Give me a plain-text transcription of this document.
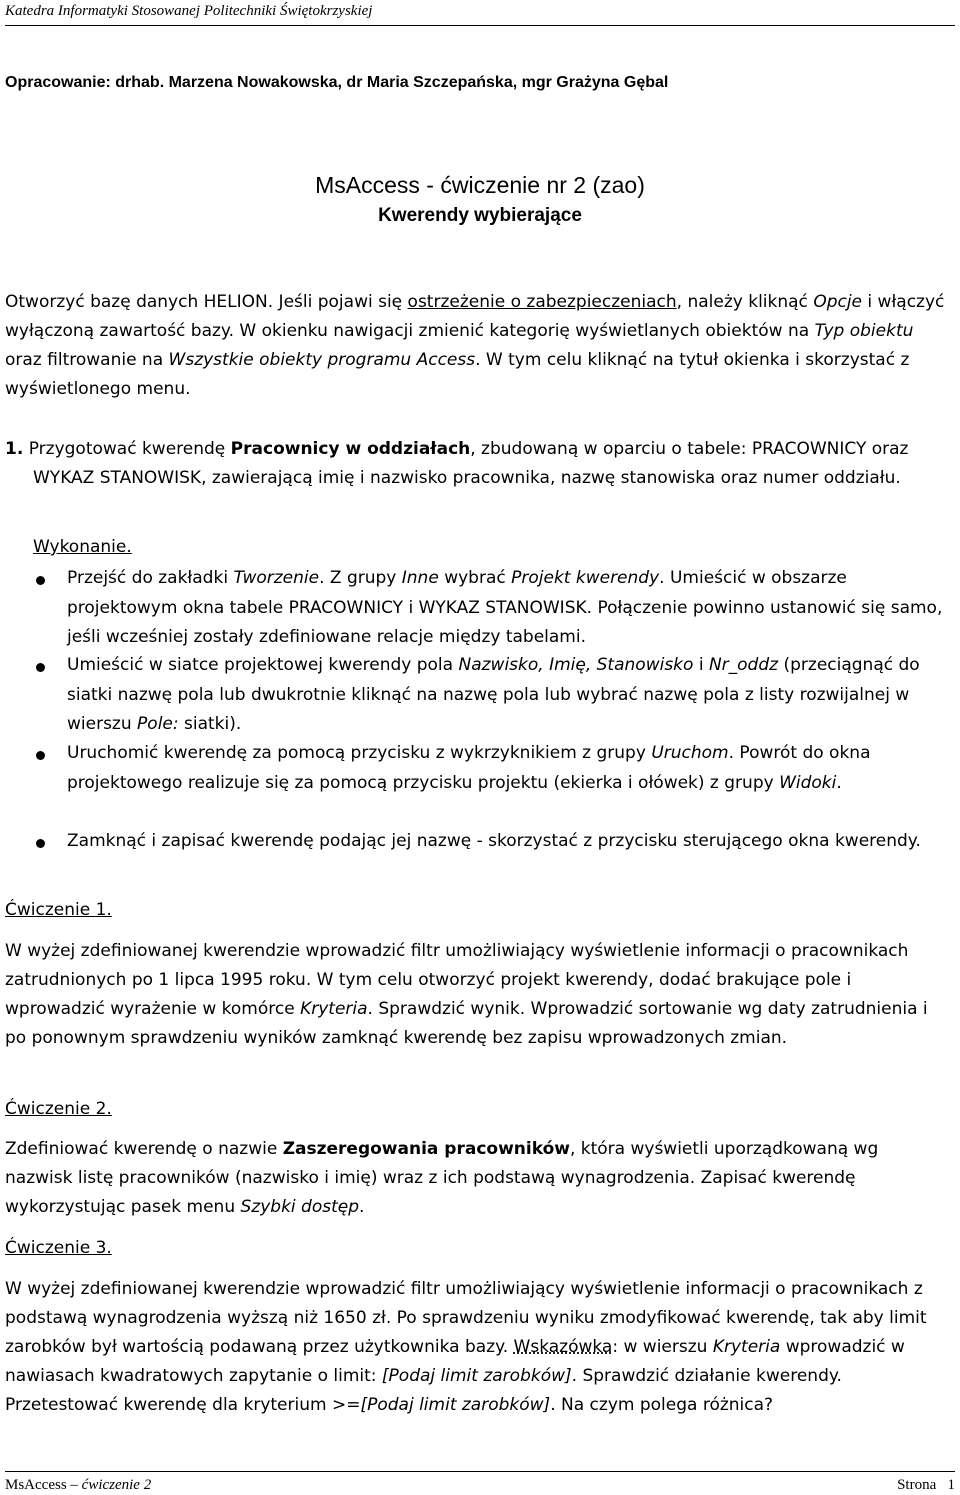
Katedra Informatyki Stosowanej Politechniki Świętokrzyskiej
Opracowanie: drhab. Marzena Nowakowska, dr Maria Szczepańska, mgr Grażyna Gębal
MsAccess - ćwiczenie nr 2 (zao)
Kwerendy wybierające
Otworzyć bazę danych HELION. Jeśli pojawi się ostrzeżenie o zabezpieczeniach, należy kliknąć Opcje i włączyć wyłączoną zawartość bazy. W okienku nawigacji zmienić kategorię wyświetlanych obiektów na Typ obiektu oraz filtrowanie na Wszystkie obiekty programu Access. W tym celu kliknąć na tytuł okienka i skorzystać z wyświetlonego menu.
1. Przygotować kwerendę Pracownicy w oddziałach, zbudowaną w oparciu o tabele: PRACOWNICY oraz WYKAZ STANOWISK, zawierającą imię i nazwisko pracownika, nazwę stanowiska oraz numer oddziału.
Wykonanie.
Przejść do zakładki Tworzenie. Z grupy Inne wybrać Projekt kwerendy. Umieścić w obszarze projektowym okna tabele PRACOWNICY i WYKAZ STANOWISK. Połączenie powinno ustanowić się samo, jeśli wcześniej zostały zdefiniowane relacje między tabelami.
Umieścić w siatce projektowej kwerendy pola Nazwisko, Imię, Stanowisko i Nr_oddz (przeciągnąć do siatki nazwę pola lub dwukrotnie kliknąć na nazwę pola lub wybrać nazwę pola z listy rozwijalnej w wierszu Pole: siatki).
Uruchomić kwerendę za pomocą przycisku z wykrzyknikiem z grupy Uruchom. Powrót do okna projektowego realizuje się za pomocą przycisku projektu (ekierka i ołówek) z grupy Widoki.
Zamknąć i zapisać kwerendę podając jej nazwę - skorzystać z przycisku sterującego okna kwerendy.
Ćwiczenie 1.
W wyżej zdefiniowanej kwerendzie wprowadzić filtr umożliwiający wyświetlenie informacji o pracownikach zatrudnionych po 1 lipca 1995 roku. W tym celu otworzyć projekt kwerendy, dodać brakujące pole i wprowadzić wyrażenie w komórce Kryteria. Sprawdzić wynik. Wprowadzić sortowanie wg daty zatrudnienia i po ponownym sprawdzeniu wyników zamknąć kwerendę bez zapisu wprowadzonych zmian.
Ćwiczenie 2.
Zdefiniować kwerendę o nazwie Zaszeregowania pracowników, która wyświetli uporządkowaną wg nazwisk listę pracowników (nazwisko i imię) wraz z ich podstawą wynagrodzenia. Zapisać kwerendę wykorzystując pasek menu Szybki dostęp.
Ćwiczenie 3.
W wyżej zdefiniowanej kwerendzie wprowadzić filtr umożliwiający wyświetlenie informacji o pracownikach z podstawą wynagrodzenia wyższą niż 1650 zł. Po sprawdzeniu wyniku zmodyfikować kwerendę, tak aby limit zarobków był wartością podawaną przez użytkownika bazy. Wskazówka: w wierszu Kryteria wprowadzić w nawiasach kwadratowych zapytanie o limit: [Podaj limit zarobków]. Sprawdzić działanie kwerendy. Przetestować kwerendę dla kryterium >=[Podaj limit zarobków]. Na czym polega różnica?
MsAccess – ćwiczenie 2	Strona   1
